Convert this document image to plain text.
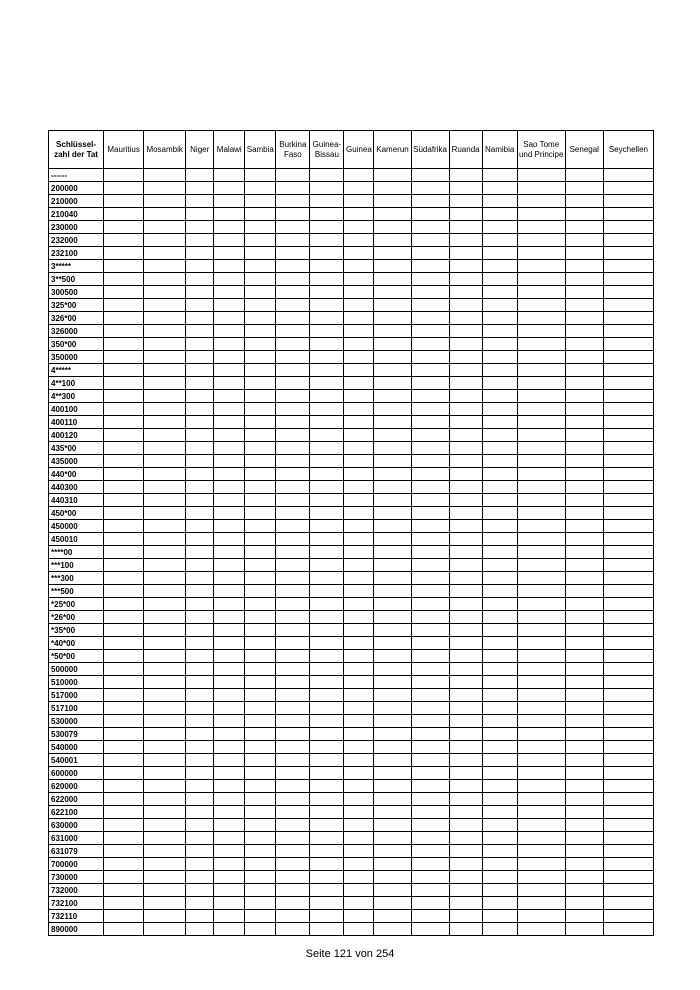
Schlüssel-zahl der Tat	Mauritius	Mosambik	Niger	Malawi	Sambia	Burkina Faso	Guinea-Bissau	Guinea	Kamerun	Südafrika	Ruanda	Namibia	Sao Tome und Principe	Senegal	Seychellen
------															
200000															
210000															
210040															
230000															
232000															
232100															
3*****															
3**500															
300500															
325*00															
326*00															
326000															
350*00															
350000															
4*****															
4**100															
4**300															
400100															
400110															
400120															
435*00															
435000															
440*00															
440300															
440310															
450*00															
450000															
450010															
****00															
***100															
***300															
***500															
*25*00															
*26*00															
*35*00															
*40*00															
*50*00															
500000															
510000															
517000															
517100															
530000															
530079															
540000															
540001															
600000															
620000															
622000															
622100															
630000															
631000															
631079															
700000															
730000															
732000															
732100															
732110															
890000															
Seite 121 von 254
